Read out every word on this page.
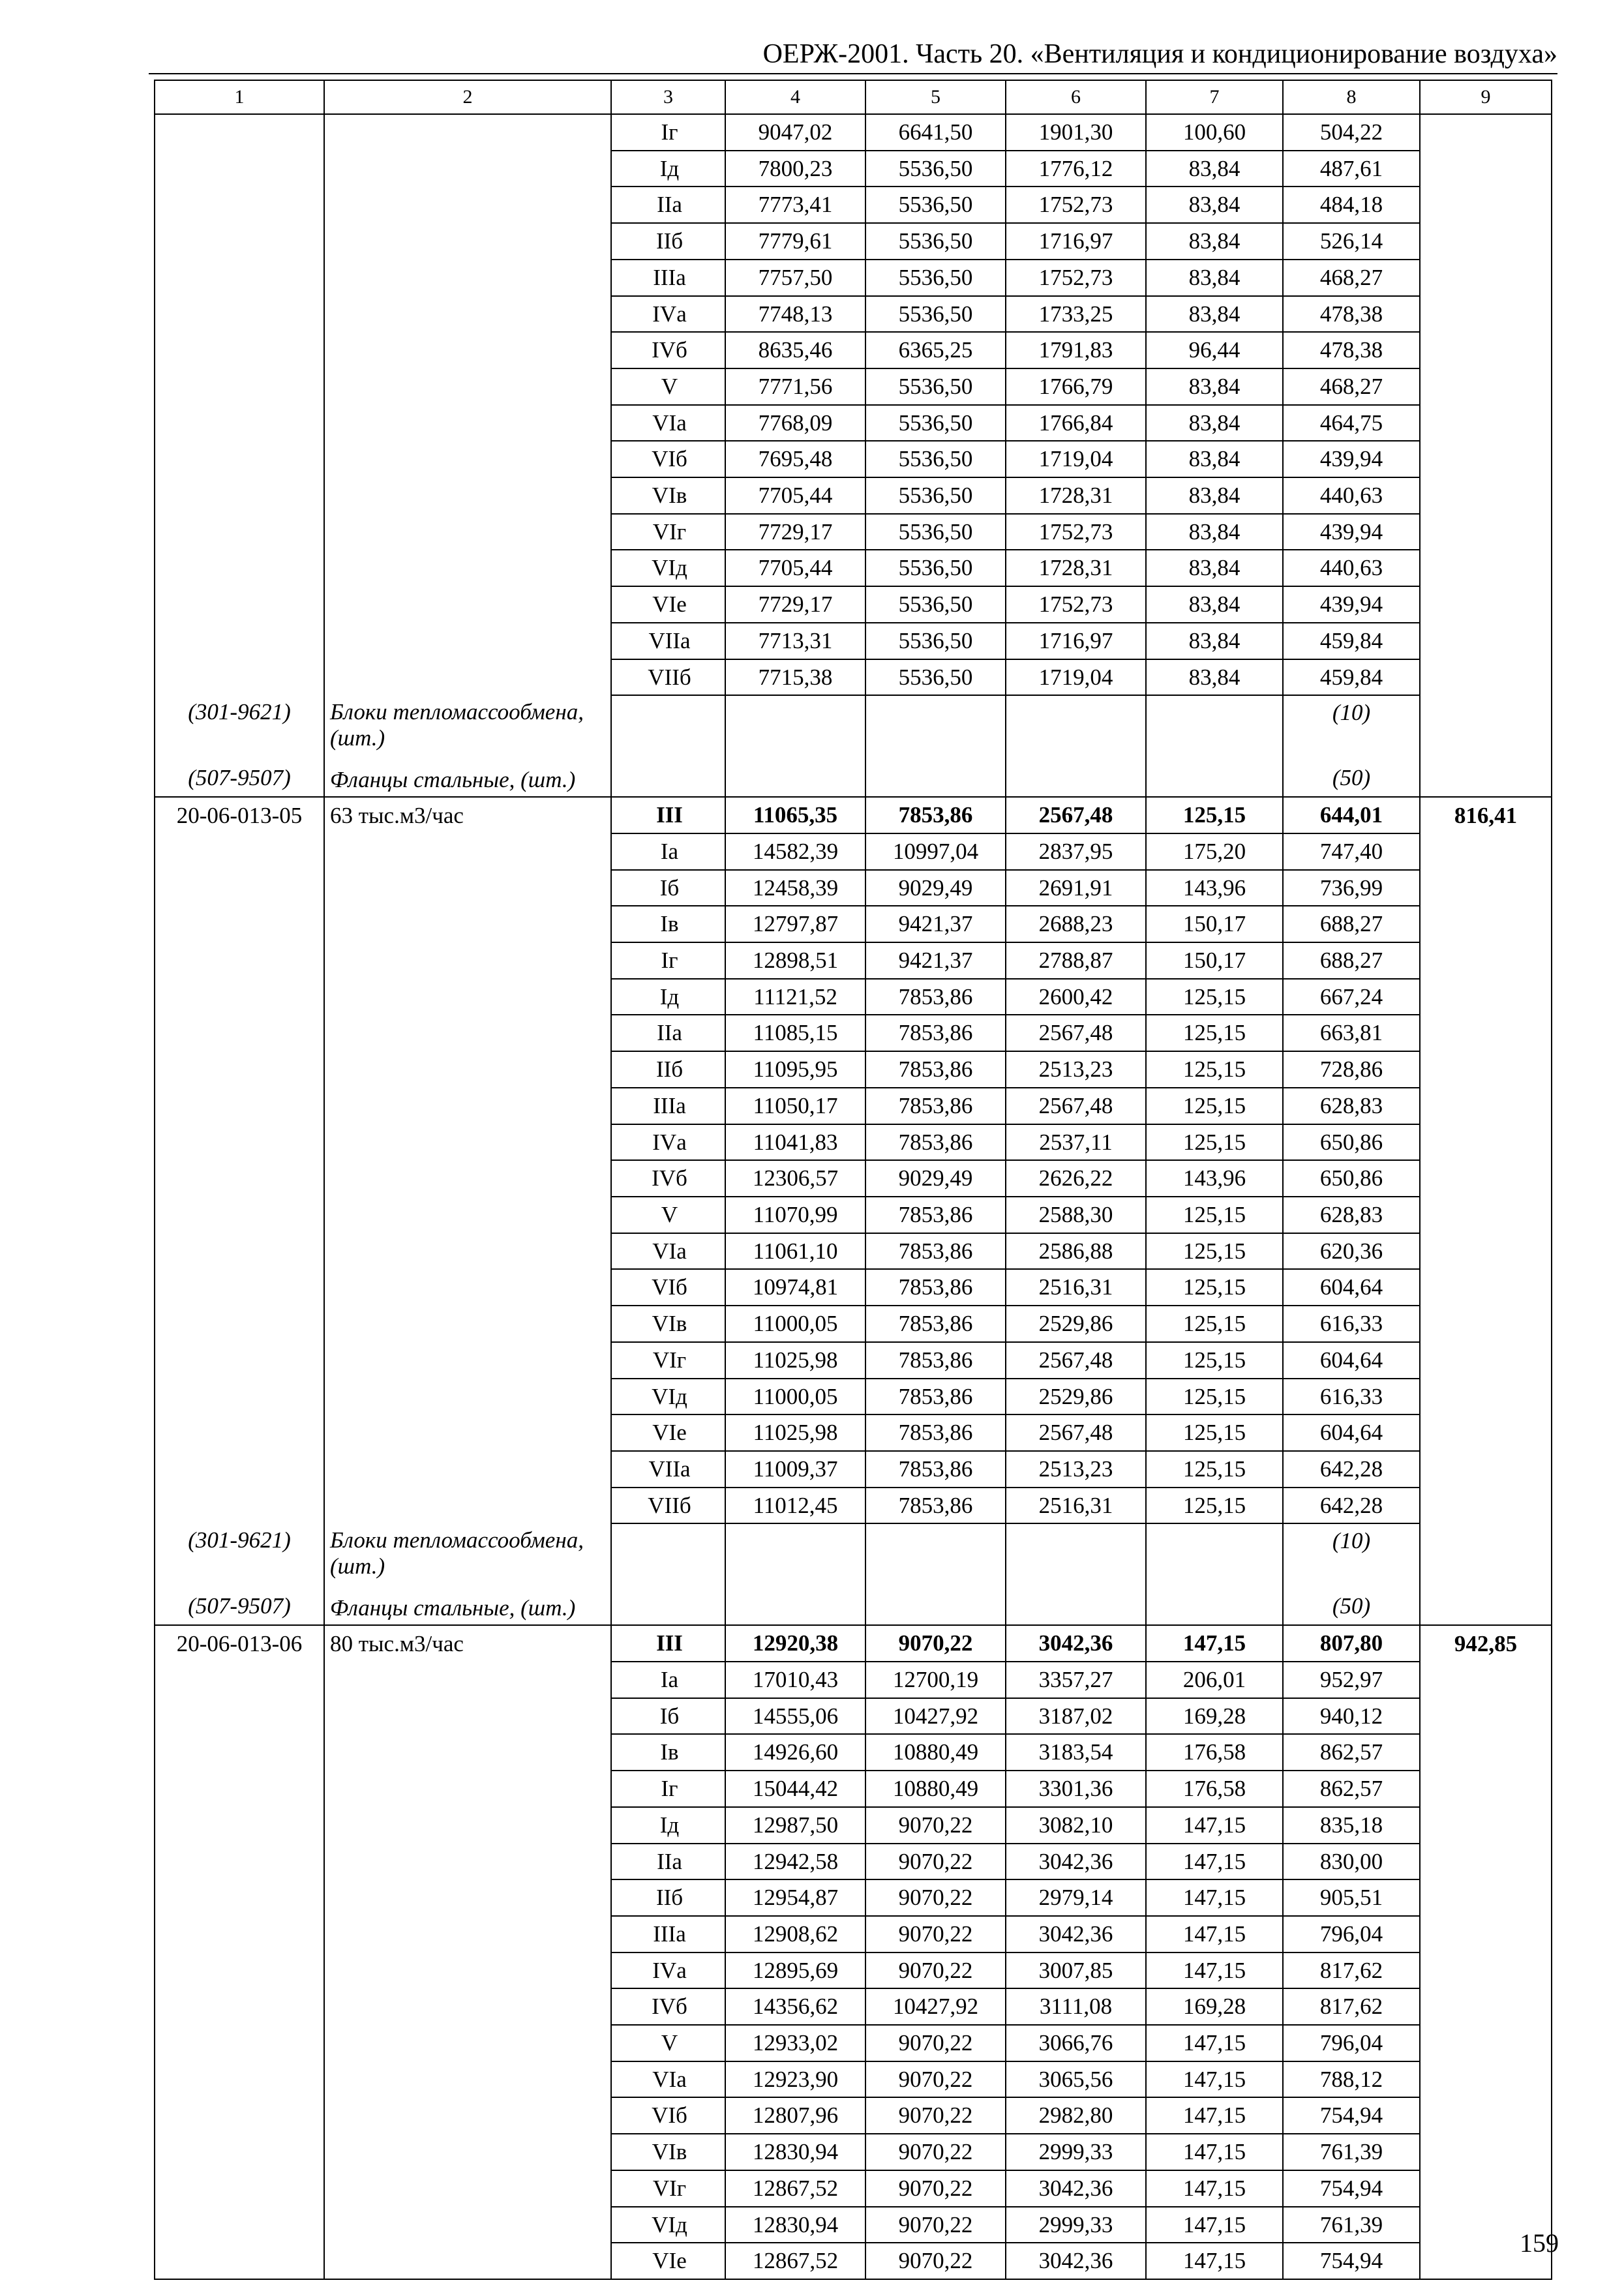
ОЕРЖ-2001. Часть 20. «Вентиляция и кондиционирование воздуха»
1	2	3	4	5	6	7	8	9
		Iг	9047,02	6641,50	1901,30	100,60	504,22	
		Iд	7800,23	5536,50	1776,12	83,84	487,61	
		IIа	7773,41	5536,50	1752,73	83,84	484,18	
		IIб	7779,61	5536,50	1716,97	83,84	526,14	
		IIIа	7757,50	5536,50	1752,73	83,84	468,27	
		IVа	7748,13	5536,50	1733,25	83,84	478,38	
		IVб	8635,46	6365,25	1791,83	96,44	478,38	
		V	7771,56	5536,50	1766,79	83,84	468,27	
		VIа	7768,09	5536,50	1766,84	83,84	464,75	
		VIб	7695,48	5536,50	1719,04	83,84	439,94	
		VIв	7705,44	5536,50	1728,31	83,84	440,63	
		VIг	7729,17	5536,50	1752,73	83,84	439,94	
		VIд	7705,44	5536,50	1728,31	83,84	440,63	
		VIе	7729,17	5536,50	1752,73	83,84	439,94	
		VIIа	7713,31	5536,50	1716,97	83,84	459,84	
		VIIб	7715,38	5536,50	1719,04	83,84	459,84	
(301-9621)	Блоки тепломассообмена, (шт.)						(10)	
(507-9507)	Фланцы стальные, (шт.)						(50)	
20-06-013-05	63 тыс.м3/час	III	11065,35	7853,86	2567,48	125,15	644,01	816,41
		Iа	14582,39	10997,04	2837,95	175,20	747,40	
		Iб	12458,39	9029,49	2691,91	143,96	736,99	
		Iв	12797,87	9421,37	2688,23	150,17	688,27	
		Iг	12898,51	9421,37	2788,87	150,17	688,27	
		Iд	11121,52	7853,86	2600,42	125,15	667,24	
		IIа	11085,15	7853,86	2567,48	125,15	663,81	
		IIб	11095,95	7853,86	2513,23	125,15	728,86	
		IIIа	11050,17	7853,86	2567,48	125,15	628,83	
		IVа	11041,83	7853,86	2537,11	125,15	650,86	
		IVб	12306,57	9029,49	2626,22	143,96	650,86	
		V	11070,99	7853,86	2588,30	125,15	628,83	
		VIа	11061,10	7853,86	2586,88	125,15	620,36	
		VIб	10974,81	7853,86	2516,31	125,15	604,64	
		VIв	11000,05	7853,86	2529,86	125,15	616,33	
		VIг	11025,98	7853,86	2567,48	125,15	604,64	
		VIд	11000,05	7853,86	2529,86	125,15	616,33	
		VIе	11025,98	7853,86	2567,48	125,15	604,64	
		VIIа	11009,37	7853,86	2513,23	125,15	642,28	
		VIIб	11012,45	7853,86	2516,31	125,15	642,28	
(301-9621)	Блоки тепломассообмена, (шт.)						(10)	
(507-9507)	Фланцы стальные, (шт.)						(50)	
20-06-013-06	80 тыс.м3/час	III	12920,38	9070,22	3042,36	147,15	807,80	942,85
		Iа	17010,43	12700,19	3357,27	206,01	952,97	
		Iб	14555,06	10427,92	3187,02	169,28	940,12	
		Iв	14926,60	10880,49	3183,54	176,58	862,57	
		Iг	15044,42	10880,49	3301,36	176,58	862,57	
		Iд	12987,50	9070,22	3082,10	147,15	835,18	
		IIа	12942,58	9070,22	3042,36	147,15	830,00	
		IIб	12954,87	9070,22	2979,14	147,15	905,51	
		IIIа	12908,62	9070,22	3042,36	147,15	796,04	
		IVа	12895,69	9070,22	3007,85	147,15	817,62	
		IVб	14356,62	10427,92	3111,08	169,28	817,62	
		V	12933,02	9070,22	3066,76	147,15	796,04	
		VIа	12923,90	9070,22	3065,56	147,15	788,12	
		VIб	12807,96	9070,22	2982,80	147,15	754,94	
		VIв	12830,94	9070,22	2999,33	147,15	761,39	
		VIг	12867,52	9070,22	3042,36	147,15	754,94	
		VIд	12830,94	9070,22	2999,33	147,15	761,39	
		VIе	12867,52	9070,22	3042,36	147,15	754,94	
159
